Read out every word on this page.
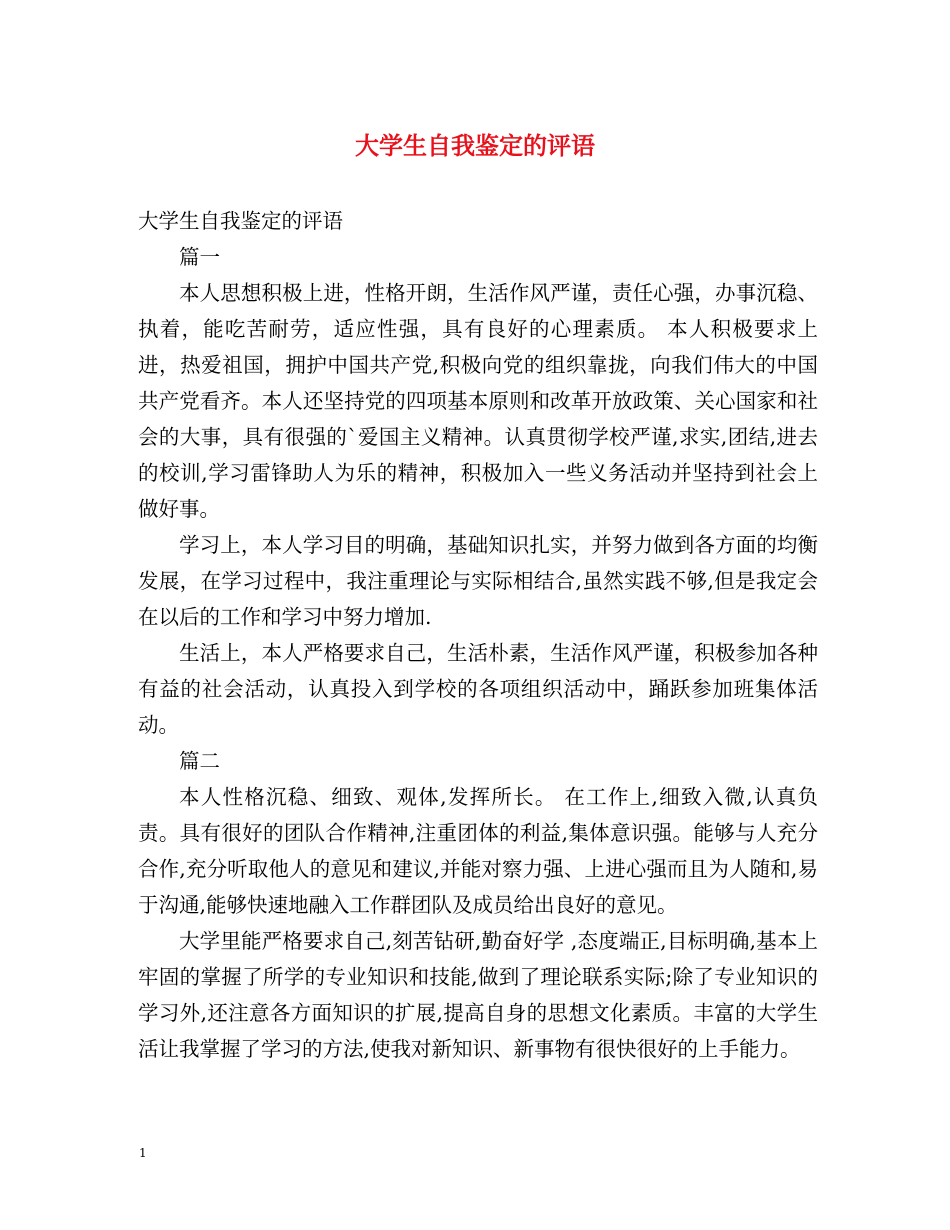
大学生自我鉴定的评语

大学生自我鉴定的评语

篇一

本人思想积极上进，性格开朗，生活作风严谨，责任心强，办事沉稳、执着，能吃苦耐劳，适应性强，具有良好的心理素质。 本人积极要求上进，热爱祖国，拥护中国共产党,积极向党的组织靠拢，向我们伟大的中国共产党看齐。本人还坚持党的四项基本原则和改革开放政策、关心国家和社会的大事，具有很强的`爱国主义精神。认真贯彻学校严谨,求实,团结,进去的校训,学习雷锋助人为乐的精神，积极加入一些义务活动并坚持到社会上做好事。

学习上，本人学习目的明确，基础知识扎实，并努力做到各方面的均衡发展，在学习过程中，我注重理论与实际相结合,虽然实践不够,但是我定会在以后的工作和学习中努力增加.

生活上，本人严格要求自己，生活朴素，生活作风严谨，积极参加各种有益的社会活动，认真投入到学校的各项组织活动中，踊跃参加班集体活动。

篇二

本人性格沉稳、细致、观体,发挥所长。 在工作上,细致入微,认真负责。具有很好的团队合作精神,注重团体的利益,集体意识强。能够与人充分合作,充分听取他人的意见和建议,并能对察力强、上进心强而且为人随和,易于沟通,能够快速地融入工作群团队及成员给出良好的意见。

大学里能严格要求自己,刻苦钻研,勤奋好学 ,态度端正,目标明确,基本上牢固的掌握了所学的专业知识和技能,做到了理论联系实际;除了专业知识的学习外,还注意各方面知识的扩展,提高自身的思想文化素质。丰富的大学生活让我掌握了学习的方法,使我对新知识、新事物有很快很好的上手能力。

1
